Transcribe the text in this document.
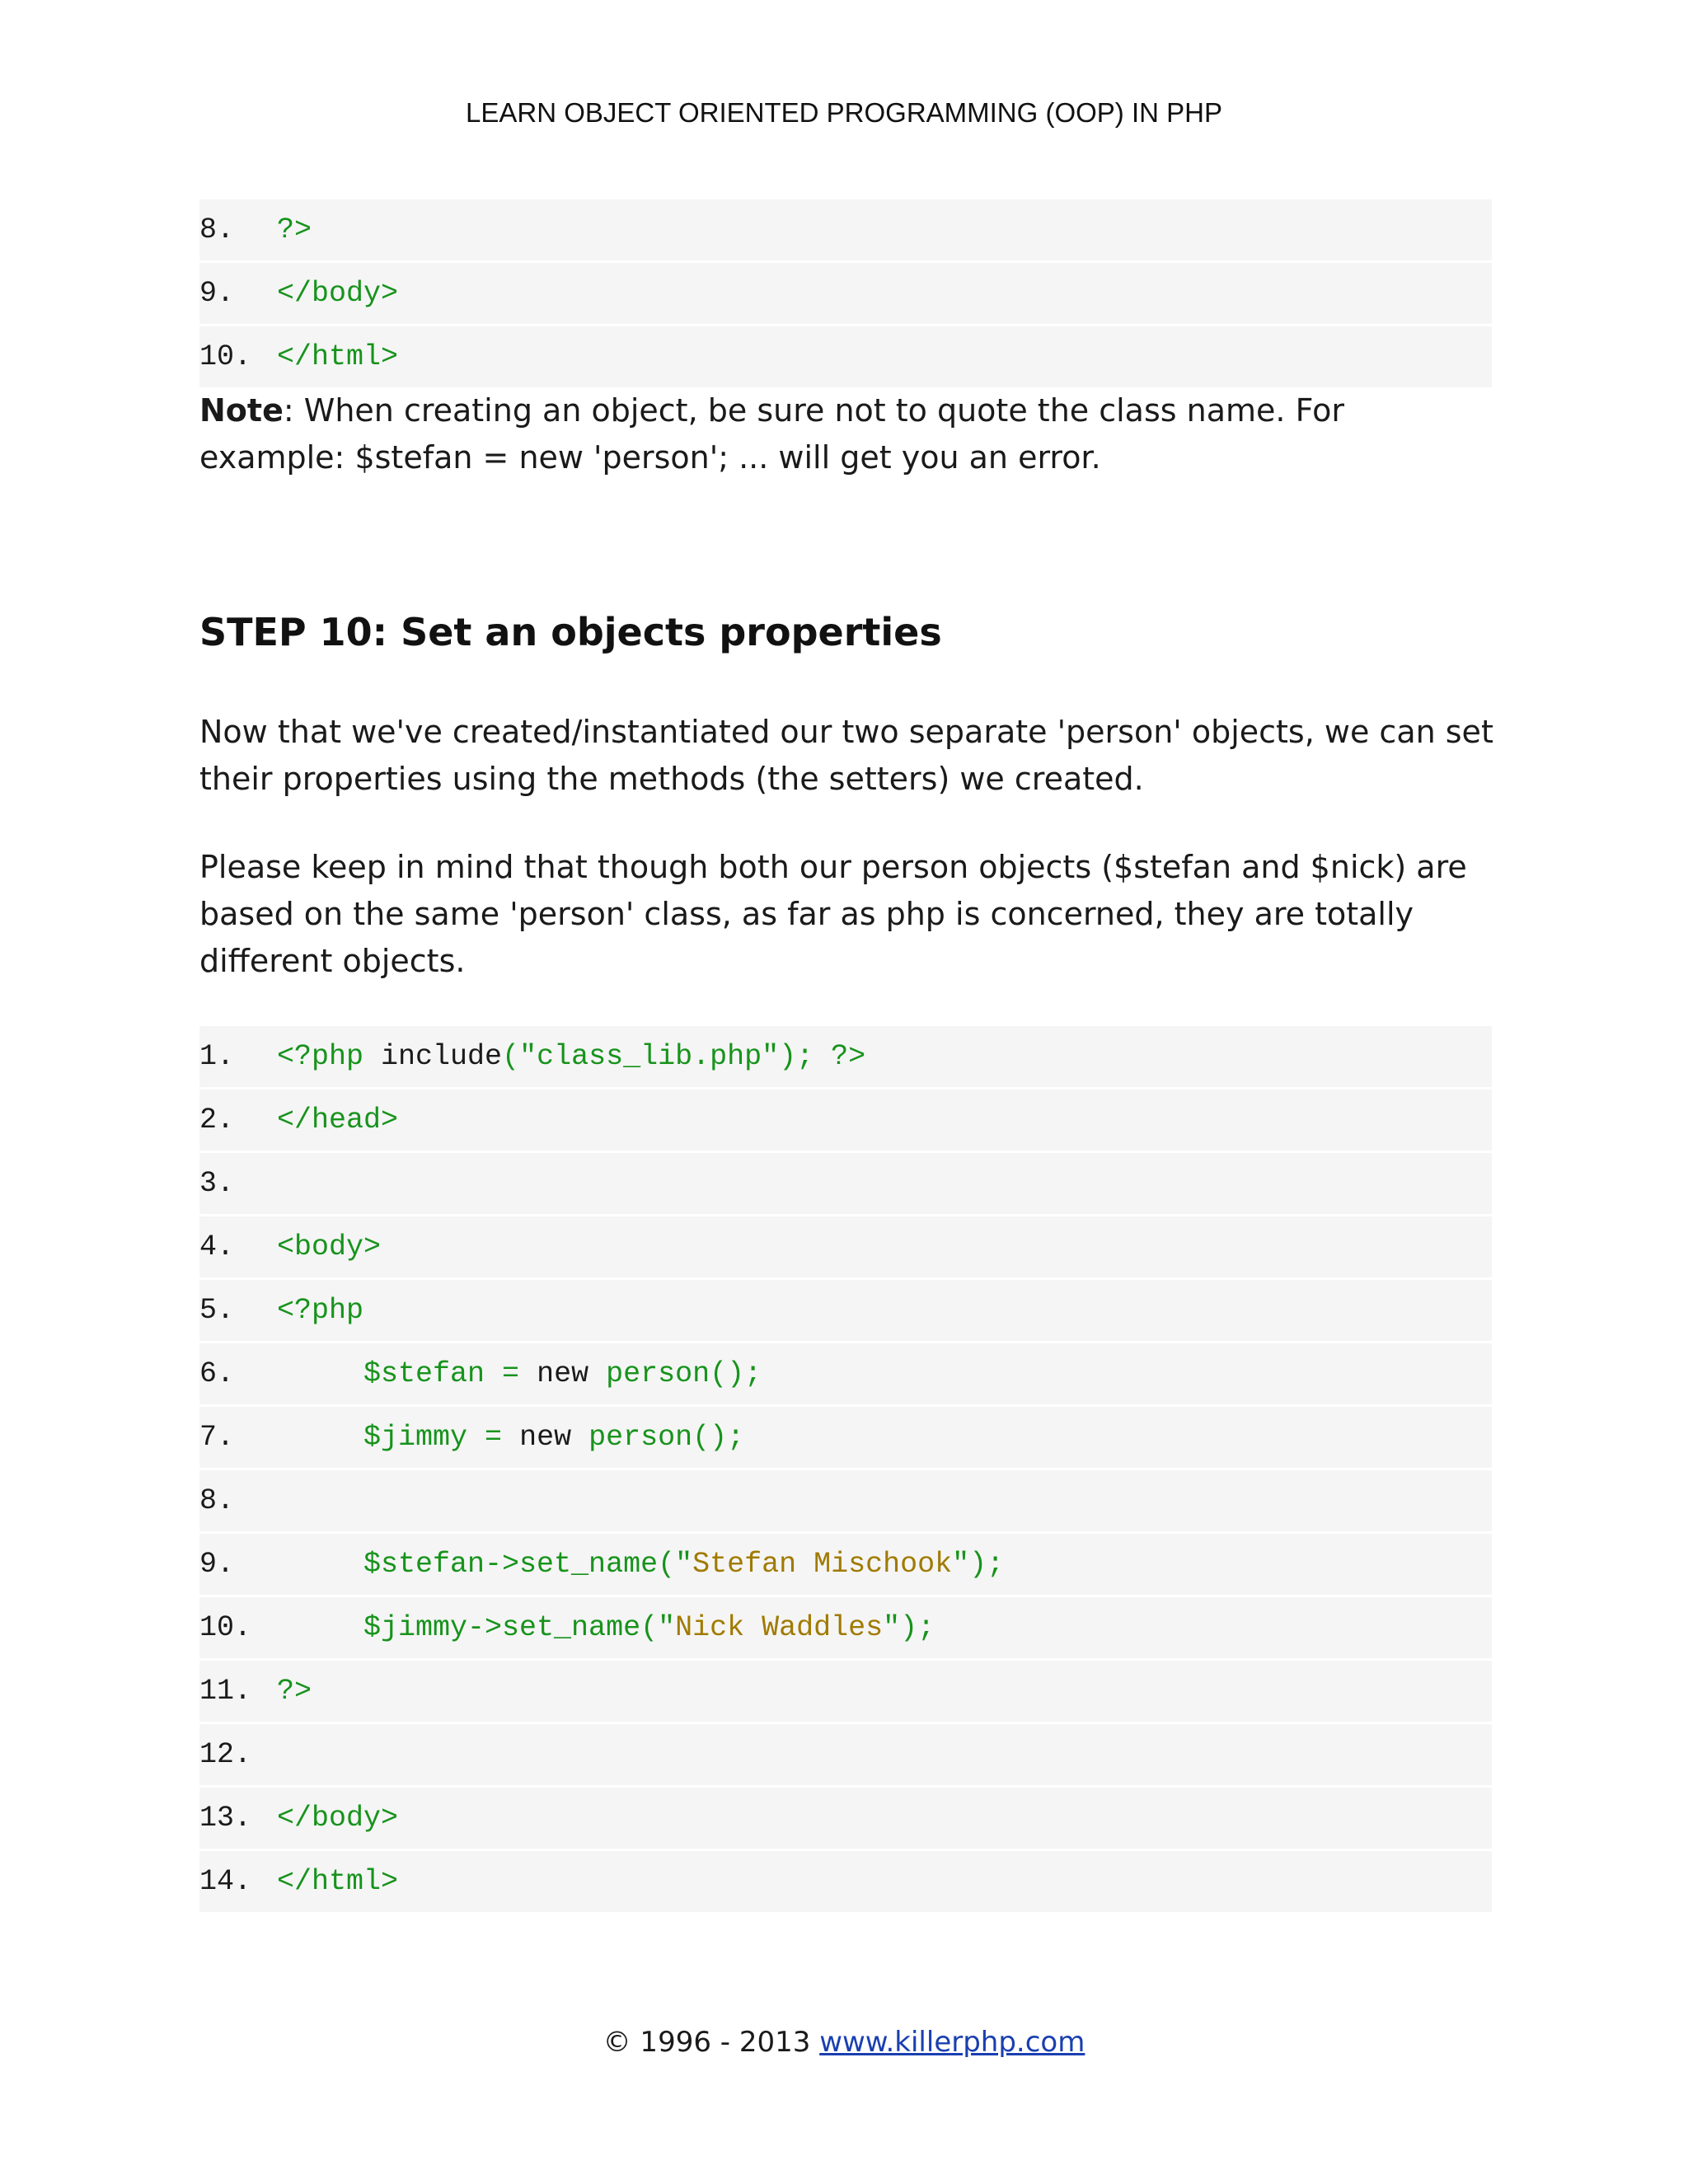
LEARN OBJECT ORIENTED PROGRAMMING (OOP) IN PHP
8.	?>
9.	</body>
10. </html>
Note: When creating an object, be sure not to quote the class name. For example: $stefan = new 'person'; ... will get you an error.
STEP 10: Set an objects properties
Now that we've created/instantiated our two separate 'person' objects, we can set their properties using the methods (the setters) we created.
Please keep in mind that though both our person objects ($stefan and $nick) are based on the same 'person' class, as far as php is concerned, they are totally different objects.
1.	<?php include ("class_lib.php"); ?>
2.	</head>
3.
4.	<body>
5.	<?php
6.	$stefan = new person();
7.	$jimmy = new person();
8.
9.	$stefan->set_name(" Stefan Mischook ");
10. $jimmy->set_name(" Nick Waddles ");
11. ?>
12.
13. </body>
14. </html>
© 1996 - 2013 www.killerphp.com
